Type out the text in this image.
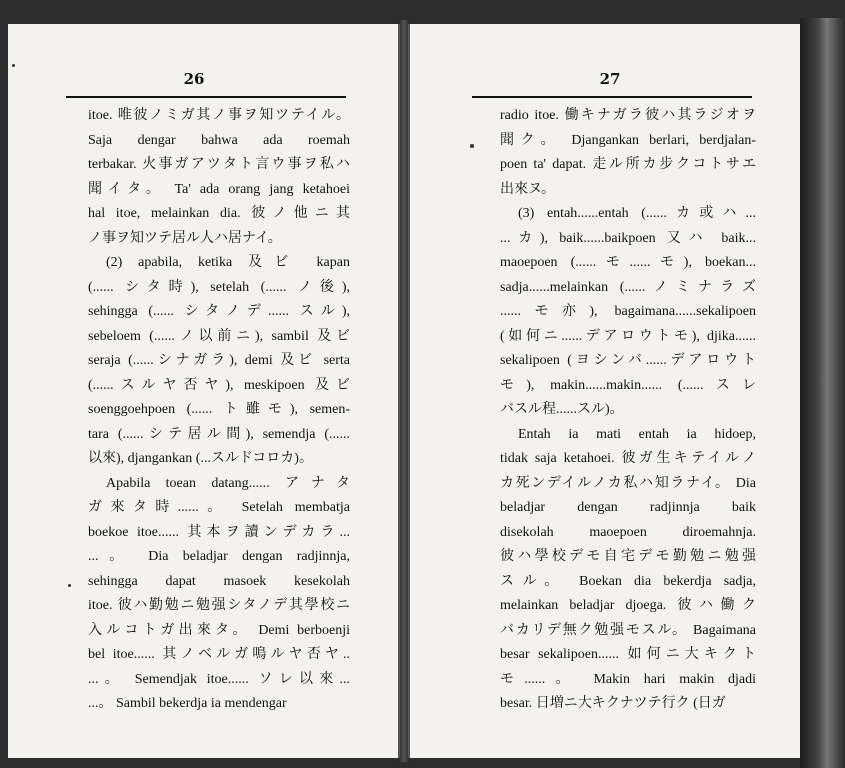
26
itoe. 唯彼ノミガ其ノ事ヲ知ツテイル。
Saja dengar bahwa ada roemah
terbakar. 火事ガアツタト言ウ事ヲ私ハ
聞イタ。 Ta' ada orang jang ketahoei
hal itoe, melainkan dia. 彼ノ他ニ其
ノ事ヲ知ツテ居ル人ハ居ナイ。
(2) apabila, ketika 及ビ kapan
(...... シタ時), setelah (...... ノ後),
sehingga (...... シタノデ...... スル),
sebeloem (......ノ以前ニ), sambil 及ビ
seraja (......シナガラ), demi 及ビ serta
(......スルヤ否ヤ), meskipoen 及ビ
soenggoehpoen (...... ト雖モ), semen-
tara (......シテ居ル間), semendja (......
以來), djangankan (...スルドコロカ)。
Apabila toean datang...... アナタ
ガ來タ時......。 Setelah membatja
boekoe itoe...... 其本ヲ讀ンデカラ...
...。 Dia beladjar dengan radjinnja,
sehingga dapat masoek kesekolah
itoe. 彼ハ勤勉ニ勉强シタノデ其學校ニ
入ルコトガ出來タ。 Demi berboenji
bel itoe...... 其ノベルガ鳴ルヤ否ヤ..
...。 Semendjak itoe...... ソレ以來...
...。 Sambil bekerdja ia mendengar
27
radio itoe. 働キナガラ彼ハ其ラジオヲ
聞ク。 Djangankan berlari, berdjalan-
poen ta' dapat. 走ル所カ步クコトサエ
出來ヌ。
(3) entah......entah (......カ或ハ...
...カ), baik......baikpoen 又ハ baik...
maoepoen (......モ......モ), boekan...
sadja......melainkan (......ノミナラズ
......モ亦), bagaimana......sekalipoen
(如何ニ......デアロウトモ), djika......
sekalipoen (ヨシンバ......デアロウト
モ), makin......makin...... (......スレ
バスル程......スル)。
Entah ia mati entah ia hidoep,
tidak saja ketahoei. 彼ガ生キテイルノ
カ死ンデイルノカ私ハ知ラナイ。 Dia
beladjar dengan radjinnja baik
disekolah maoepoen diroemahnja.
彼ハ學校デモ自宅デモ勤勉ニ勉强
スル。 Boekan dia bekerdja sadja,
melainkan beladjar djoega. 彼ハ働ク
バカリデ無ク勉强モスル。 Bagaimana
besar sekalipoen...... 如何ニ大キクト
モ......。 Makin hari makin djadi
besar. 日増ニ大キクナツテ行ク (日ガ
